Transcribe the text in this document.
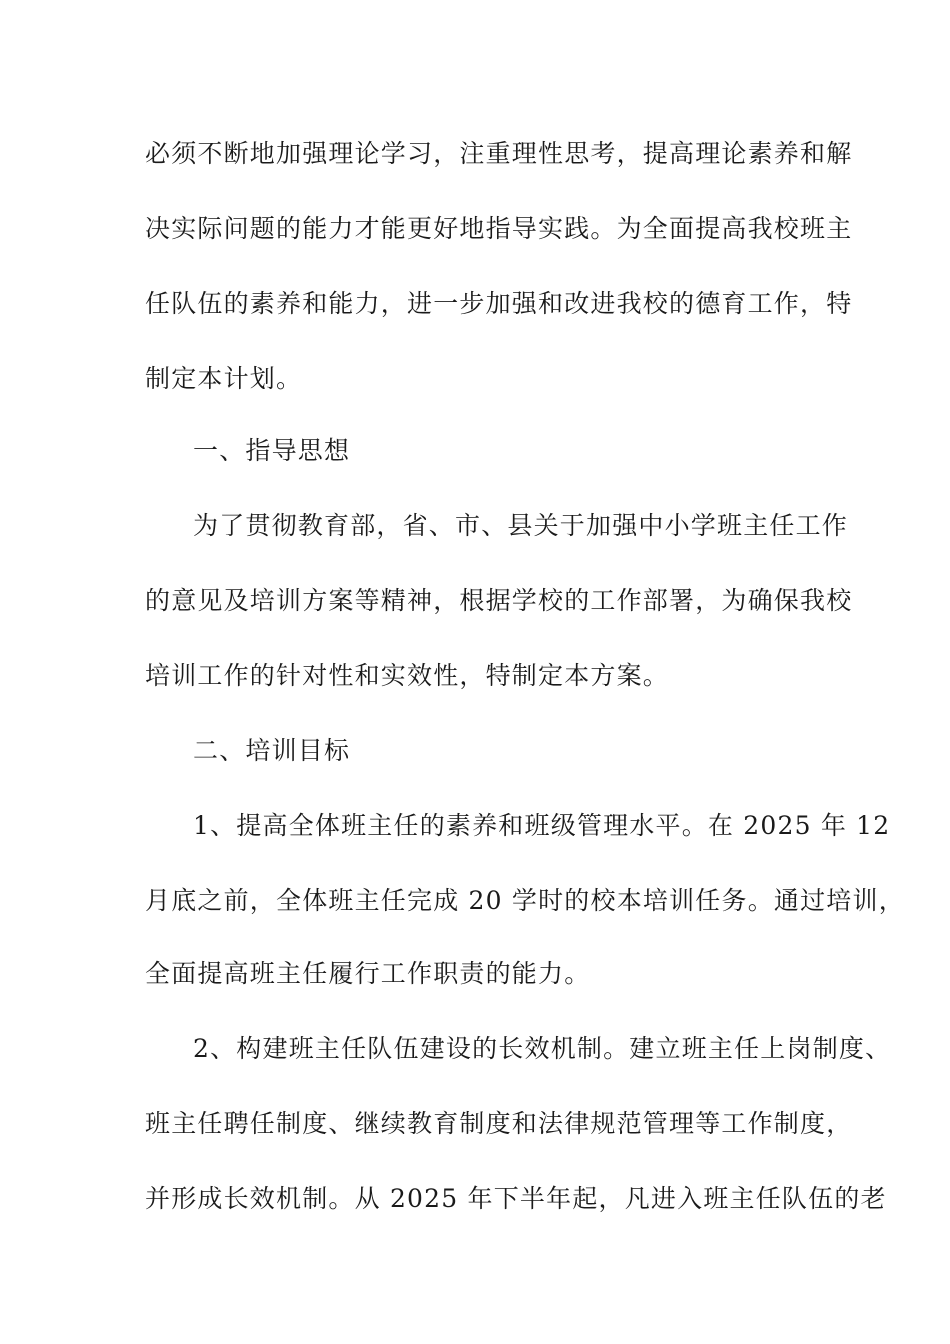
必须不断地加强理论学习，注重理性思考，提高理论素养和解
决实际问题的能力才能更好地指导实践。为全面提高我校班主
任队伍的素养和能力，进一步加强和改进我校的德育工作，特
制定本计划。
一、指导思想
为了贯彻教育部，省、市、县关于加强中小学班主任工作
的意见及培训方案等精神，根据学校的工作部署，为确保我校
培训工作的针对性和实效性，特制定本方案。
二、培训目标
1、提高全体班主任的素养和班级管理水平。在 2025 年 12
月底之前，全体班主任完成 20 学时的校本培训任务。通过培训，
全面提高班主任履行工作职责的能力。
2、构建班主任队伍建设的长效机制。建立班主任上岗制度、
班主任聘任制度、继续教育制度和法律规范管理等工作制度，
并形成长效机制。从 2025 年下半年起，凡进入班主任队伍的老
